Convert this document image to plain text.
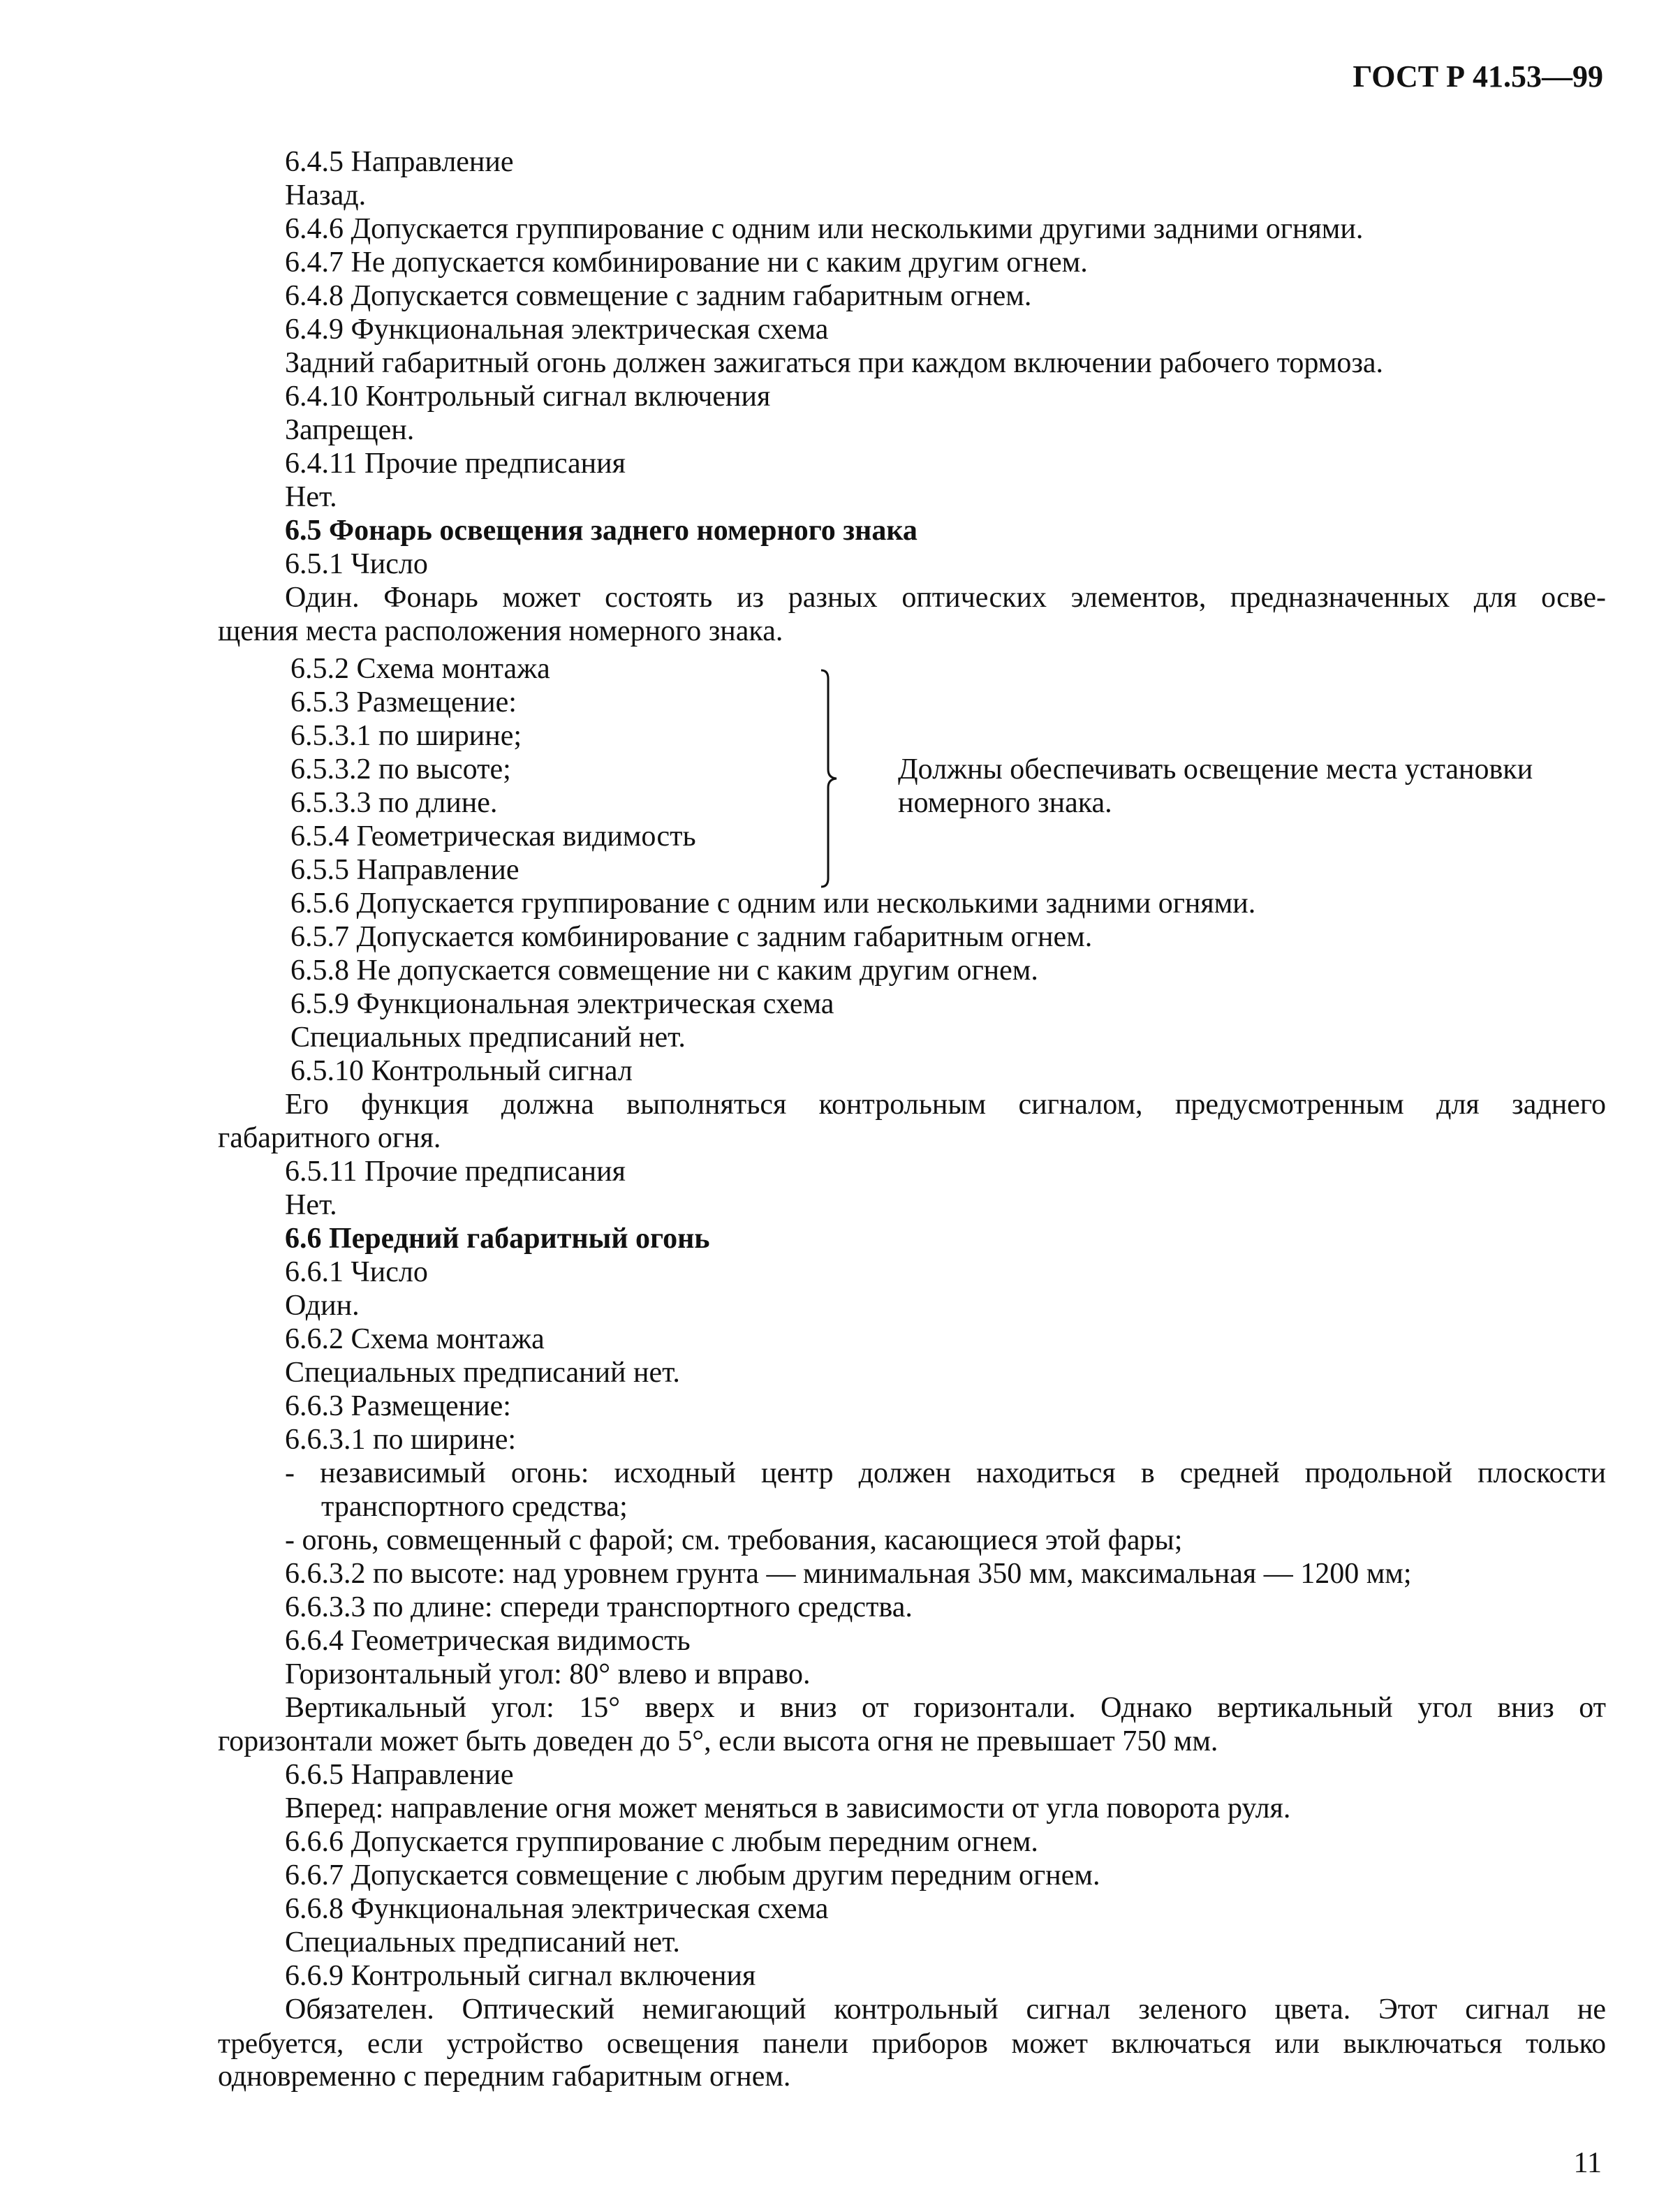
ГОСТ Р 41.53—99
6.4.5 Направление
Назад.
6.4.6 Допускается группирование с одним или несколькими другими задними огнями.
6.4.7 Не допускается комбинирование ни с каким другим огнем.
6.4.8 Допускается совмещение с задним габаритным огнем.
6.4.9 Функциональная электрическая схема
Задний габаритный огонь должен зажигаться при каждом включении рабочего тормоза.
6.4.10 Контрольный сигнал включения
Запрещен.
6.4.11 Прочие предписания
Нет.
6.5 Фонарь освещения заднего номерного знака
6.5.1 Число
Один. Фонарь может состоять из разных оптических элементов, предназначенных для осве-
щения места расположения номерного знака.
6.5.2 Схема монтажа
6.5.3 Размещение:
6.5.3.1 по ширине;
6.5.3.2 по высоте;
6.5.3.3 по длине.
6.5.4 Геометрическая видимость
6.5.5 Направление
Должны обеспечивать освещение места установки
номерного знака.
6.5.6 Допускается группирование с одним или несколькими задними огнями.
6.5.7 Допускается комбинирование с задним габаритным огнем.
6.5.8 Не допускается совмещение ни с каким другим огнем.
6.5.9 Функциональная электрическая схема
Специальных предписаний нет.
6.5.10 Контрольный сигнал
Его функция должна выполняться контрольным сигналом, предусмотренным для заднего
габаритного огня.
6.5.11 Прочие предписания
Нет.
6.6 Передний габаритный огонь
6.6.1 Число
Один.
6.6.2 Схема монтажа
Специальных предписаний нет.
6.6.3 Размещение:
6.6.3.1 по ширине:
- независимый огонь: исходный центр должен находиться в средней продольной плоскости
транспортного средства;
- огонь, совмещенный с фарой; см. требования, касающиеся этой фары;
6.6.3.2 по высоте: над уровнем грунта — минимальная 350 мм, максимальная — 1200 мм;
6.6.3.3 по длине: спереди транспортного средства.
6.6.4 Геометрическая видимость
Горизонтальный угол: 80° влево и вправо.
Вертикальный угол: 15° вверх и вниз от горизонтали. Однако вертикальный угол вниз от
горизонтали может быть доведен до 5°, если высота огня не превышает 750 мм.
6.6.5 Направление
Вперед: направление огня может меняться в зависимости от угла поворота руля.
6.6.6 Допускается группирование с любым передним огнем.
6.6.7 Допускается совмещение с любым другим передним огнем.
6.6.8 Функциональная электрическая схема
Специальных предписаний нет.
6.6.9 Контрольный сигнал включения
Обязателен. Оптический немигающий контрольный сигнал зеленого цвета. Этот сигнал не
требуется, если устройство освещения панели приборов может включаться или выключаться только
одновременно с передним габаритным огнем.
11
